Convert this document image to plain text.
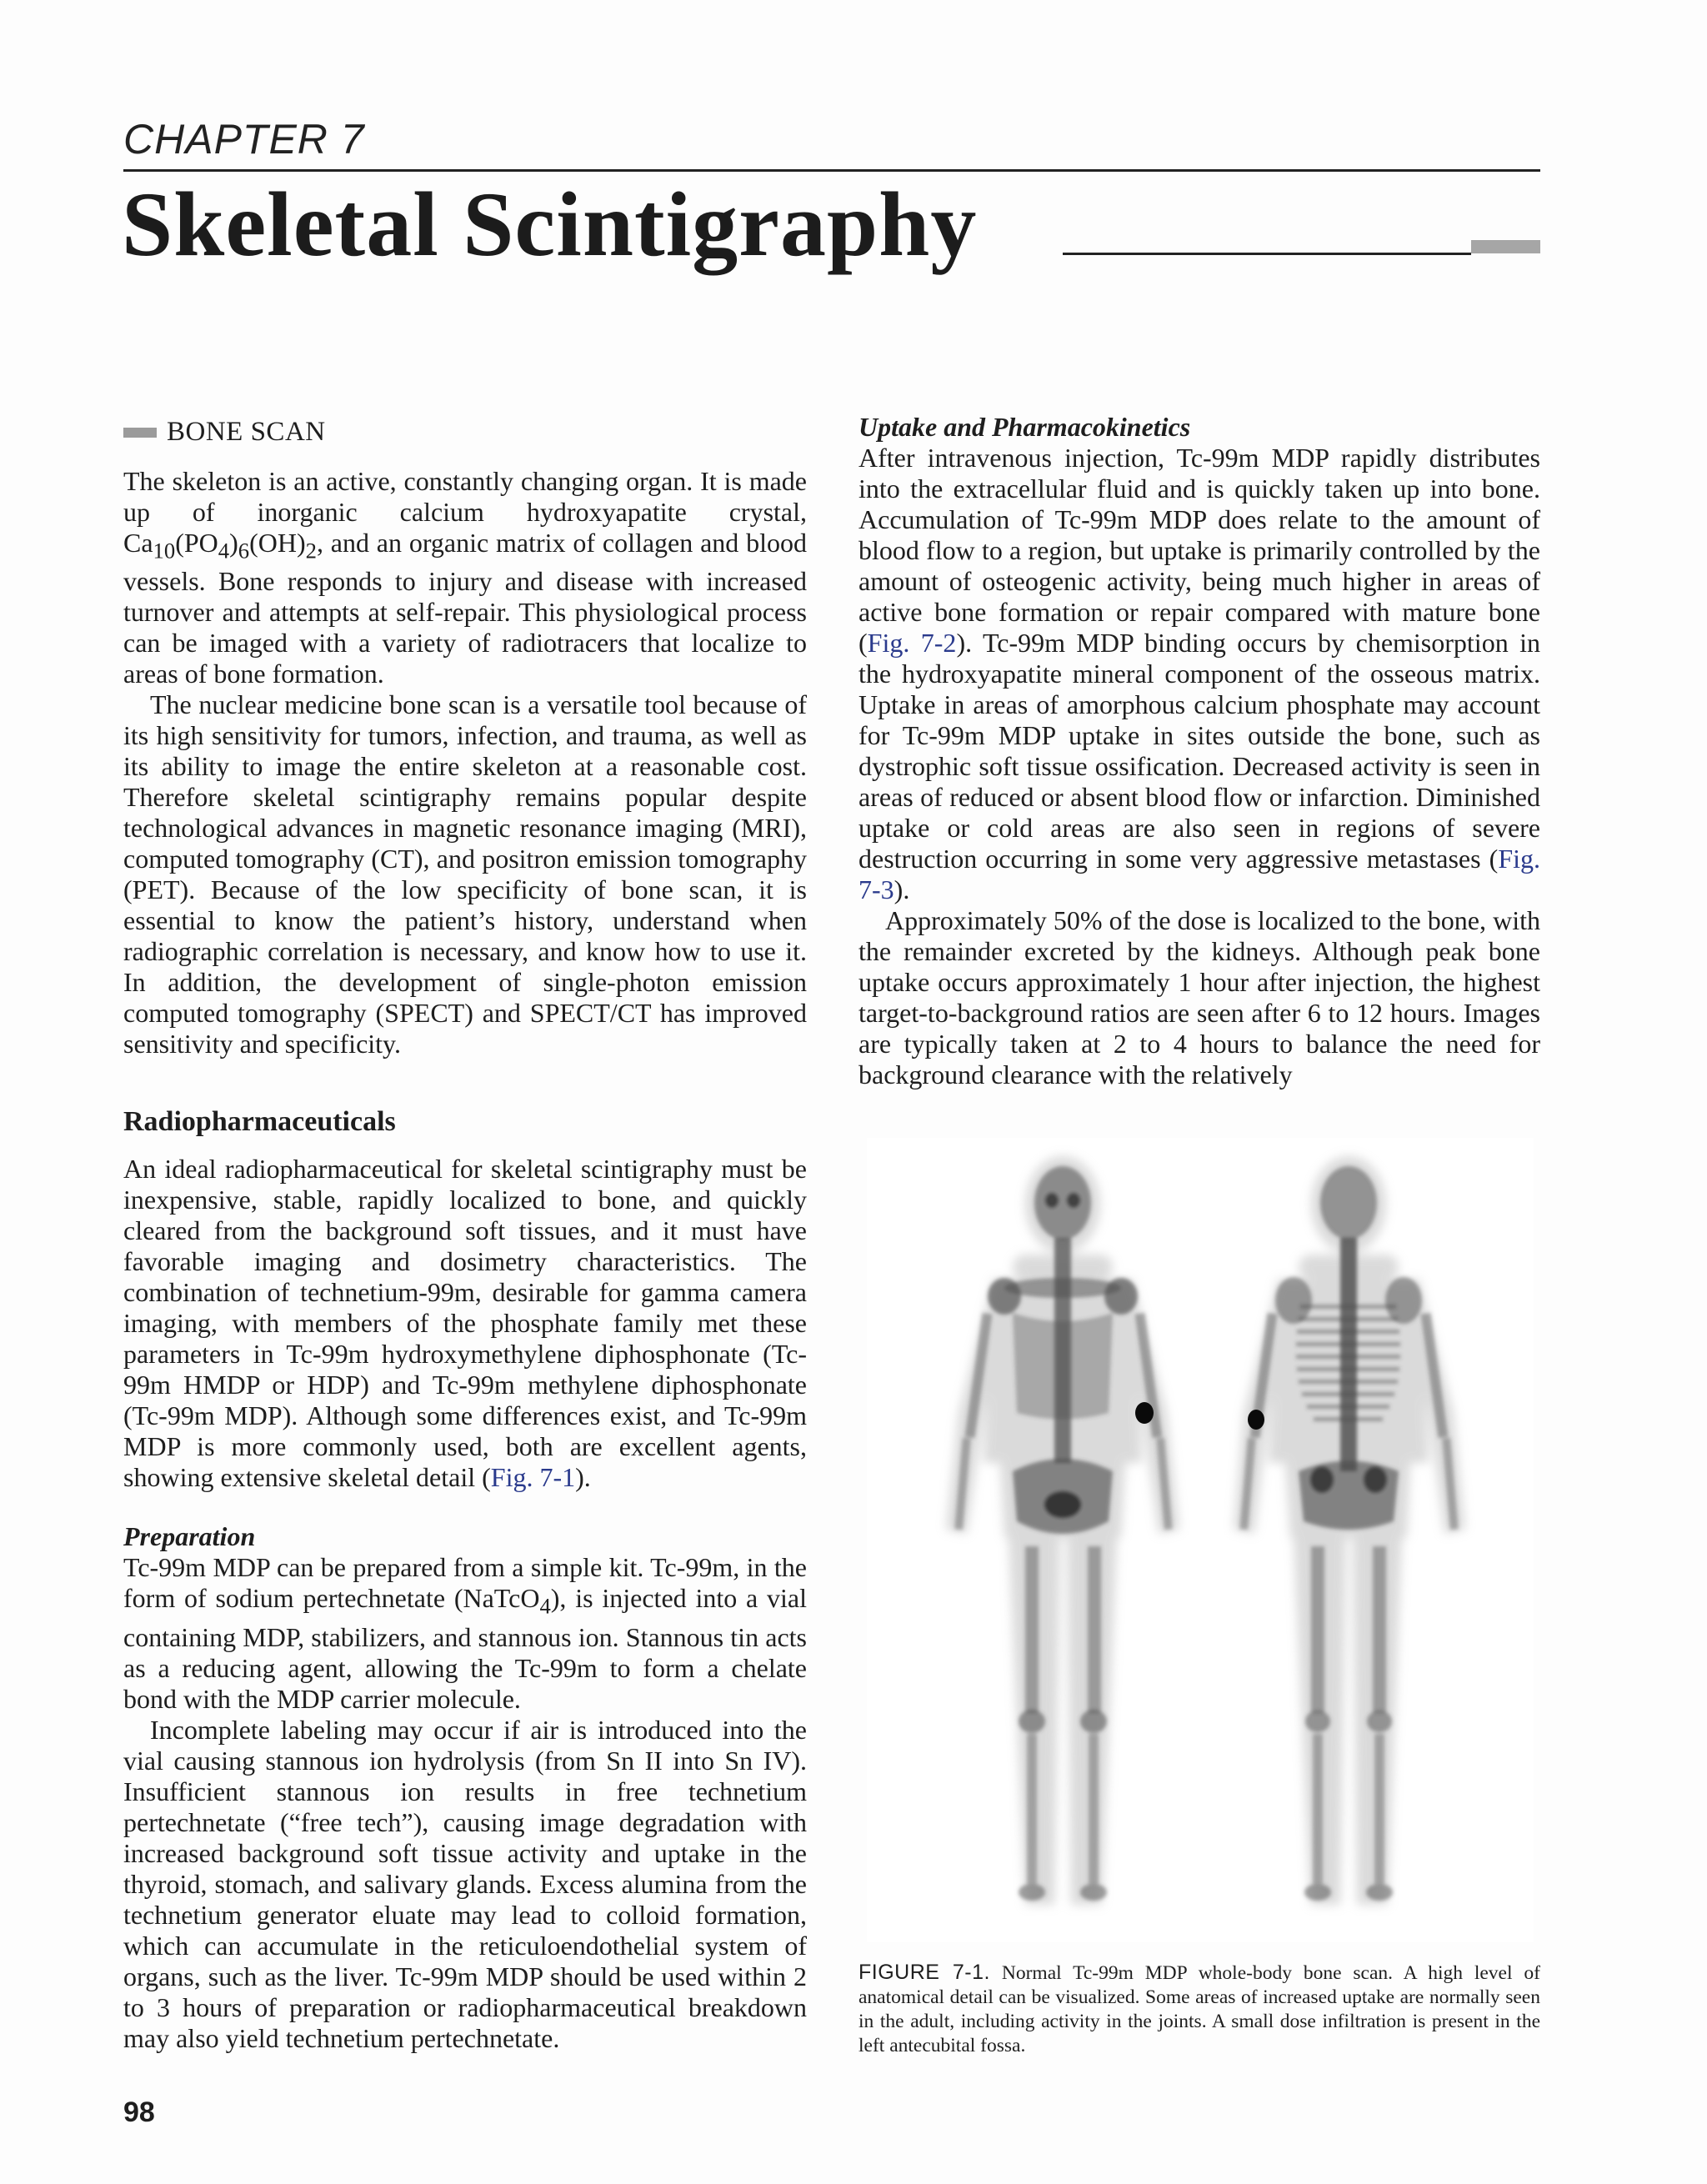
CHAPTER 7
Skeletal Scintigraphy
BONE SCAN

The skeleton is an active, constantly changing organ. It is made up of inorganic calcium hydroxyapatite crystal, $Ca_{10}(PO_4)_6(OH)_2$, and an organic matrix of collagen and blood vessels. Bone responds to injury and disease with increased turnover and attempts at self-repair. This physiological process can be imaged with a variety of radiotracers that localize to areas of bone formation.

The nuclear medicine bone scan is a versatile tool because of its high sensitivity for tumors, infection, and trauma, as well as its ability to image the entire skeleton at a reasonable cost. Therefore skeletal scintigraphy remains popular despite technological advances in magnetic resonance imaging (MRI), computed tomography (CT), and positron emission tomography (PET). Because of the low specificity of bone scan, it is essential to know the patient’s history, understand when radiographic correlation is necessary, and know how to use it. In addition, the development of single-photon emission computed tomography (SPECT) and SPECT/CT has improved sensitivity and specificity.

Radiopharmaceuticals

An ideal radiopharmaceutical for skeletal scintigraphy must be inexpensive, stable, rapidly localized to bone, and quickly cleared from the background soft tissues, and it must have favorable imaging and dosimetry characteristics. The combination of technetium-99m, desirable for gamma camera imaging, with members of the phosphate family met these parameters in Tc-99m hydroxymethylene diphosphonate (Tc-99m HMDP or HDP) and Tc-99m methylene diphosphonate (Tc-99m MDP). Although some differences exist, and Tc-99m MDP is more commonly used, both are excellent agents, showing extensive skeletal detail (Fig. 7-1).

Preparation

Tc-99m MDP can be prepared from a simple kit. Tc-99m, in the form of sodium pertechnetate (NaTcO$_4$), is injected into a vial containing MDP, stabilizers, and stannous ion. Stannous tin acts as a reducing agent, allowing the Tc-99m to form a chelate bond with the MDP carrier molecule.

Incomplete labeling may occur if air is introduced into the vial causing stannous ion hydrolysis (from Sn II into Sn IV). Insufficient stannous ion results in free technetium pertechnetate (“free tech”), causing image degradation with increased background soft tissue activity and uptake in the thyroid, stomach, and salivary glands. Excess alumina from the technetium generator eluate may lead to colloid formation, which can accumulate in the reticuloendothelial system of organs, such as the liver. Tc-99m MDP should be used within 2 to 3 hours of preparation or radiopharmaceutical breakdown may also yield technetium pertechnetate.

Uptake and Pharmacokinetics

After intravenous injection, Tc-99m MDP rapidly distributes into the extracellular fluid and is quickly taken up into bone. Accumulation of Tc-99m MDP does relate to the amount of blood flow to a region, but uptake is primarily controlled by the amount of osteogenic activity, being much higher in areas of active bone formation or repair compared with mature bone (Fig. 7-2). Tc-99m MDP binding occurs by chemisorption in the hydroxyapatite mineral component of the osseous matrix. Uptake in areas of amorphous calcium phosphate may account for Tc-99m MDP uptake in sites outside the bone, such as dystrophic soft tissue ossification. Decreased activity is seen in areas of reduced or absent blood flow or infarction. Diminished uptake or cold areas are also seen in regions of severe destruction occurring in some very aggressive metastases (Fig. 7-3).

Approximately 50% of the dose is localized to the bone, with the remainder excreted by the kidneys. Although peak bone uptake occurs approximately 1 hour after injection, the highest target-to-background ratios are seen after 6 to 12 hours. Images are typically taken at 2 to 4 hours to balance the need for background clearance with the relatively

FIGURE 7-1. Normal Tc-99m MDP whole-body bone scan. A high level of anatomical detail can be visualized. Some areas of increased uptake are normally seen in the adult, including activity in the joints. A small dose infiltration is present in the left antecubital fossa.
98
